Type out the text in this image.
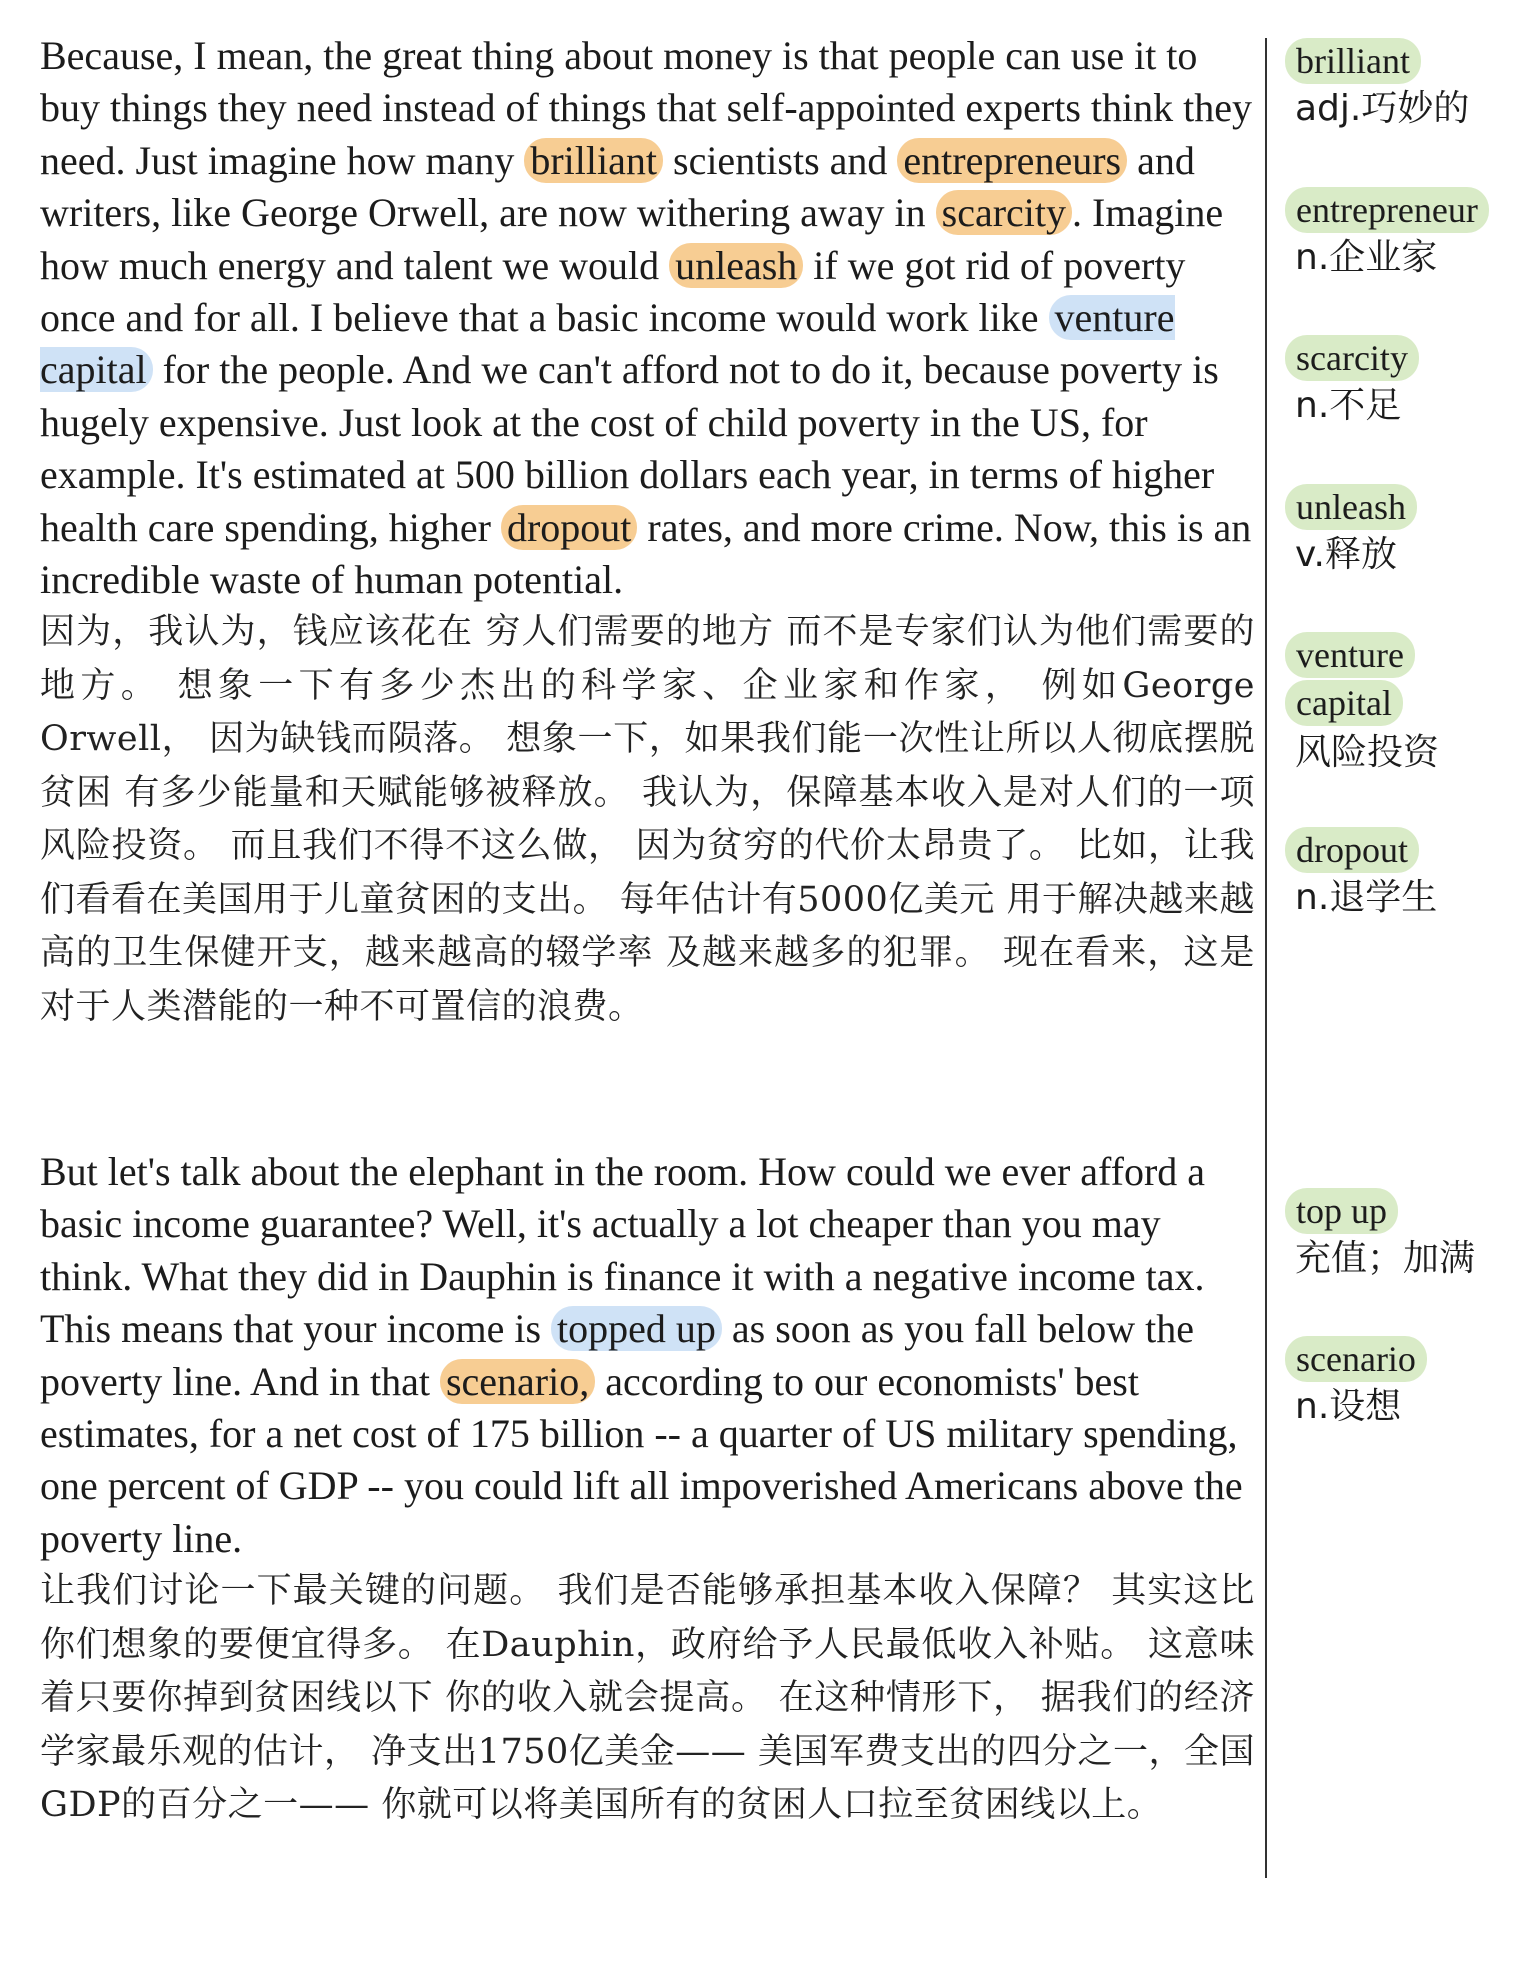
Because, I mean, the great thing about money is that people can use it to buy things they need instead of things that self-appointed experts think they need. Just imagine how many brilliant scientists and entrepreneurs and writers, like George Orwell, are now withering away in scarcity . Imagine how much energy and talent we would unleash if we got rid of poverty once and for all. I believe that a basic income would work like venture capital for the people. And we can't afford not to do it, because poverty is hugely expensive. Just look at the cost of child poverty in the US, for example. It's estimated at 500 billion dollars each year, in terms of higher health care spending, higher dropout rates, and more crime. Now, this is an incredible waste of human potential.

因为，我认为，钱应该花在 穷人们需要的地方 而不是专家们认为他们需要的地方。 想象一下有多少杰出的科学家、企业家和作家， 例如George Orwell， 因为缺钱而陨落。 想象一下，如果我们能一次性让所以人彻底摆脱贫困 有多少能量和天赋能够被释放。 我认为，保障基本收入是对人们的一项风险投资。 而且我们不得不这么做， 因为贫穷的代价太昂贵了。 比如，让我们看看在美国用于儿童贫困的支出。 每年估计有5000亿美元 用于解决越来越高的卫生保健开支，越来越高的辍学率 及越来越多的犯罪。 现在看来，这是对于人类潜能的一种不可置信的浪费。

But let's talk about the elephant in the room. How could we ever afford a basic income guarantee? Well, it's actually a lot cheaper than you may think. What they did in Dauphin is finance it with a negative income tax. This means that your income is topped up as soon as you fall below the poverty line. And in that scenario, according to our economists' best estimates, for a net cost of 175 billion -- a quarter of US military spending, one percent of GDP -- you could lift all impoverished Americans above the poverty line.

让我们讨论一下最关键的问题。 我们是否能够承担基本收入保障？ 其实这比你们想象的要便宜得多。 在Dauphin，政府给予人民最低收入补贴。 这意味着只要你掉到贫困线以下 你的收入就会提高。 在这种情形下， 据我们的经济学家最乐观的估计， 净支出1750亿美金—— 美国军费支出的四分之一，全国GDP的百分之一—— 你就可以将美国所有的贫困人口拉至贫困线以上。

brilliant
adj.巧妙的
entrepreneur
n.企业家
scarcity
n.不足
unleash
v.释放
venture
capital
风险投资
dropout
n.退学生
top up
充值；加满
scenario
n.设想
